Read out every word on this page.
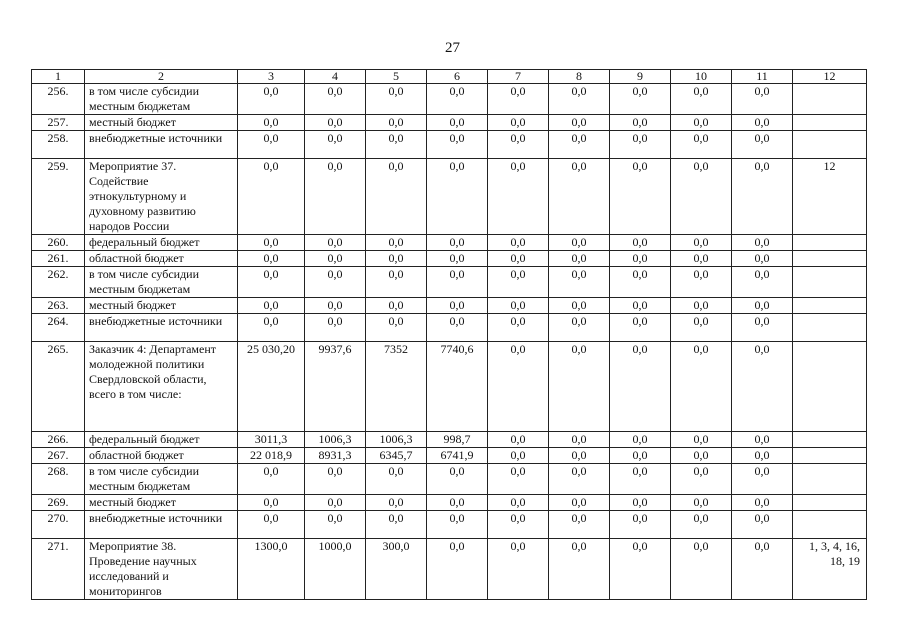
27
1	2	3	4	5	6	7	8	9	10	11	12
256.	в том числе субсидии местным бюджетам	0,0	0,0	0,0	0,0	0,0	0,0	0,0	0,0	0,0	
257.	местный бюджет	0,0	0,0	0,0	0,0	0,0	0,0	0,0	0,0	0,0	
258.	внебюджетные источники	0,0	0,0	0,0	0,0	0,0	0,0	0,0	0,0	0,0	
259.	Мероприятие 37. Содействие этнокультурному и духовному развитию народов России	0,0	0,0	0,0	0,0	0,0	0,0	0,0	0,0	0,0	12
260.	федеральный бюджет	0,0	0,0	0,0	0,0	0,0	0,0	0,0	0,0	0,0	
261.	областной бюджет	0,0	0,0	0,0	0,0	0,0	0,0	0,0	0,0	0,0	
262.	в том числе субсидии местным бюджетам	0,0	0,0	0,0	0,0	0,0	0,0	0,0	0,0	0,0	
263.	местный бюджет	0,0	0,0	0,0	0,0	0,0	0,0	0,0	0,0	0,0	
264.	внебюджетные источники	0,0	0,0	0,0	0,0	0,0	0,0	0,0	0,0	0,0	
265.	Заказчик 4: Департамент молодежной политики Свердловской области, всего в том числе:	25 030,20	9937,6	7352	7740,6	0,0	0,0	0,0	0,0	0,0	
266.	федеральный бюджет	3011,3	1006,3	1006,3	998,7	0,0	0,0	0,0	0,0	0,0	
267.	областной бюджет	22 018,9	8931,3	6345,7	6741,9	0,0	0,0	0,0	0,0	0,0	
268.	в том числе субсидии местным бюджетам	0,0	0,0	0,0	0,0	0,0	0,0	0,0	0,0	0,0	
269.	местный бюджет	0,0	0,0	0,0	0,0	0,0	0,0	0,0	0,0	0,0	
270.	внебюджетные источники	0,0	0,0	0,0	0,0	0,0	0,0	0,0	0,0	0,0	
271.	Мероприятие 38. Проведение научных исследований и мониторингов	1300,0	1000,0	300,0	0,0	0,0	0,0	0,0	0,0	0,0	1, 3, 4, 16, 18, 19
